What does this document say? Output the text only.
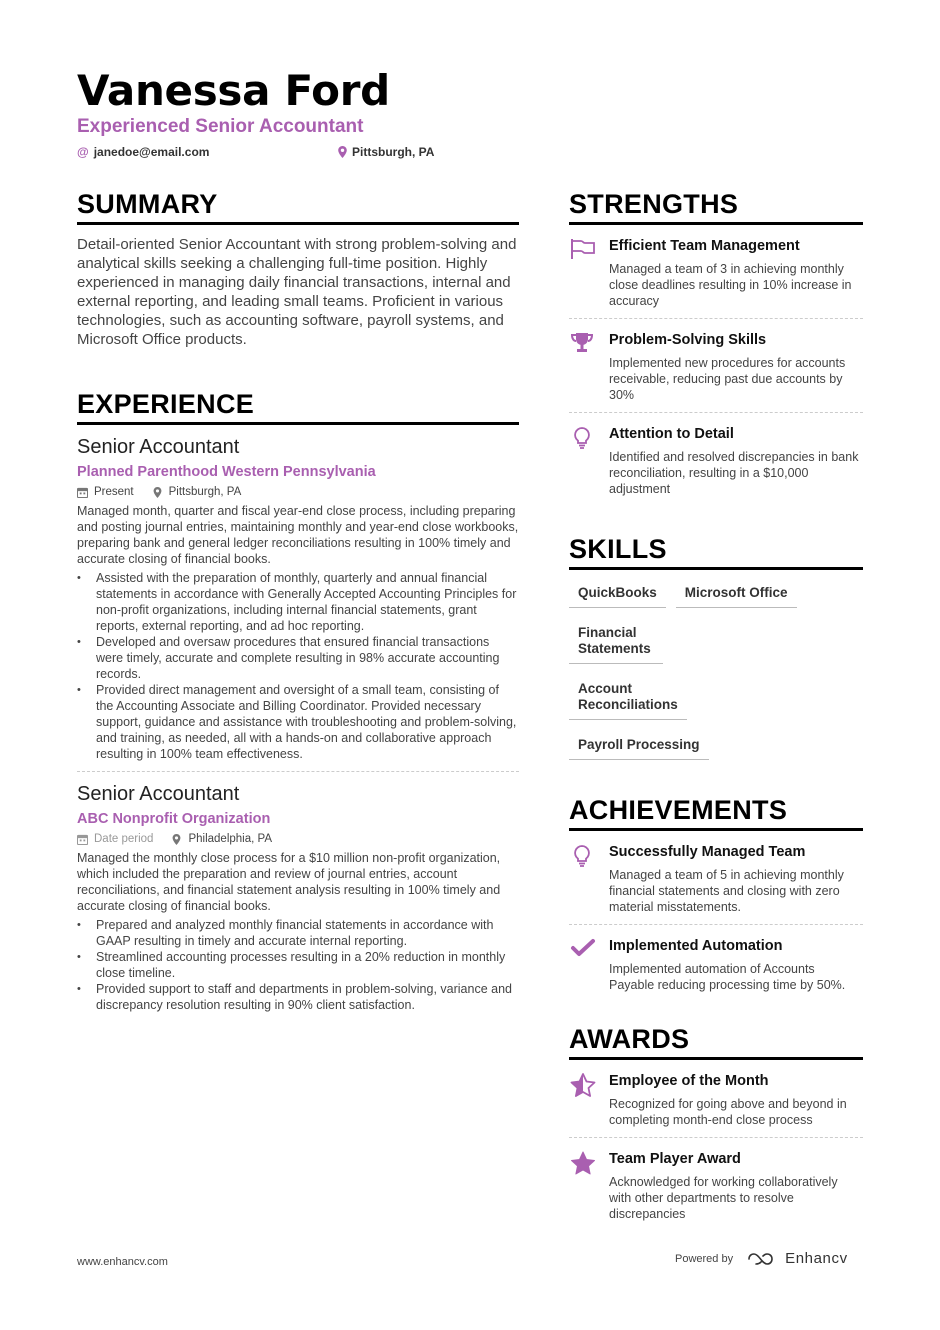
Vanessa Ford
Experienced Senior Accountant
@ janedoe@email.com	Pittsburgh, PA
SUMMARY

Detail-oriented Senior Accountant with strong problem-solving and analytical skills seeking a challenging full-time position. Highly experienced in managing daily financial transactions, internal and external reporting, and leading small teams. Proficient in various technologies, such as accounting software, payroll systems, and Microsoft Office products.

EXPERIENCE
Senior Accountant
Planned Parenthood Western Pennsylvania
Present	Pittsburgh, PA

Managed month, quarter and fiscal year-end close process, including preparing and posting journal entries, maintaining monthly and year-end close workbooks, preparing bank and general ledger reconciliations resulting in 100% timely and accurate closing of financial books.

• Assisted with the preparation of monthly, quarterly and annual financial statements in accordance with Generally Accepted Accounting Principles for non-profit organizations, including internal financial statements, grant reports, external reporting, and ad hoc reporting.
• Developed and oversaw procedures that ensured financial transactions were timely, accurate and complete resulting in 98% accurate accounting records.
• Provided direct management and oversight of a small team, consisting of the Accounting Associate and Billing Coordinator. Provided necessary support, guidance and assistance with troubleshooting and problem-solving, and training, as needed, all with a hands-on and collaborative approach resulting in 100% team effectiveness.
Senior Accountant
ABC Nonprofit Organization
Date period	Philadelphia, PA

Managed the monthly close process for a $10 million non-profit organization, which included the preparation and review of journal entries, account reconciliations, and financial statement analysis resulting in 100% timely and accurate closing of financial books.

• Prepared and analyzed monthly financial statements in accordance with GAAP resulting in timely and accurate internal reporting.
• Streamlined accounting processes resulting in a 20% reduction in monthly close timeline.
• Provided support to staff and departments in problem-solving, variance and discrepancy resolution resulting in 90% client satisfaction.
STRENGTHS
Efficient Team Management
Managed a team of 3 in achieving monthly close deadlines resulting in 10% increase in accuracy
Problem-Solving Skills
Implemented new procedures for accounts receivable, reducing past due accounts by 30%
Attention to Detail
Identified and resolved discrepancies in bank reconciliation, resulting in a $10,000 adjustment
SKILLS
QuickBooks	Microsoft Office
Financial Statements
Account Reconciliations
Payroll Processing
ACHIEVEMENTS
Successfully Managed Team
Managed a team of 5 in achieving monthly financial statements and closing with zero material misstatements.
Implemented Automation
Implemented automation of Accounts Payable reducing processing time by 50%.
AWARDS
Employee of the Month
Recognized for going above and beyond in completing month-end close process
Team Player Award
Acknowledged for working collaboratively with other departments to resolve discrepancies
www.enhancv.com	Powered by	Enhancv
